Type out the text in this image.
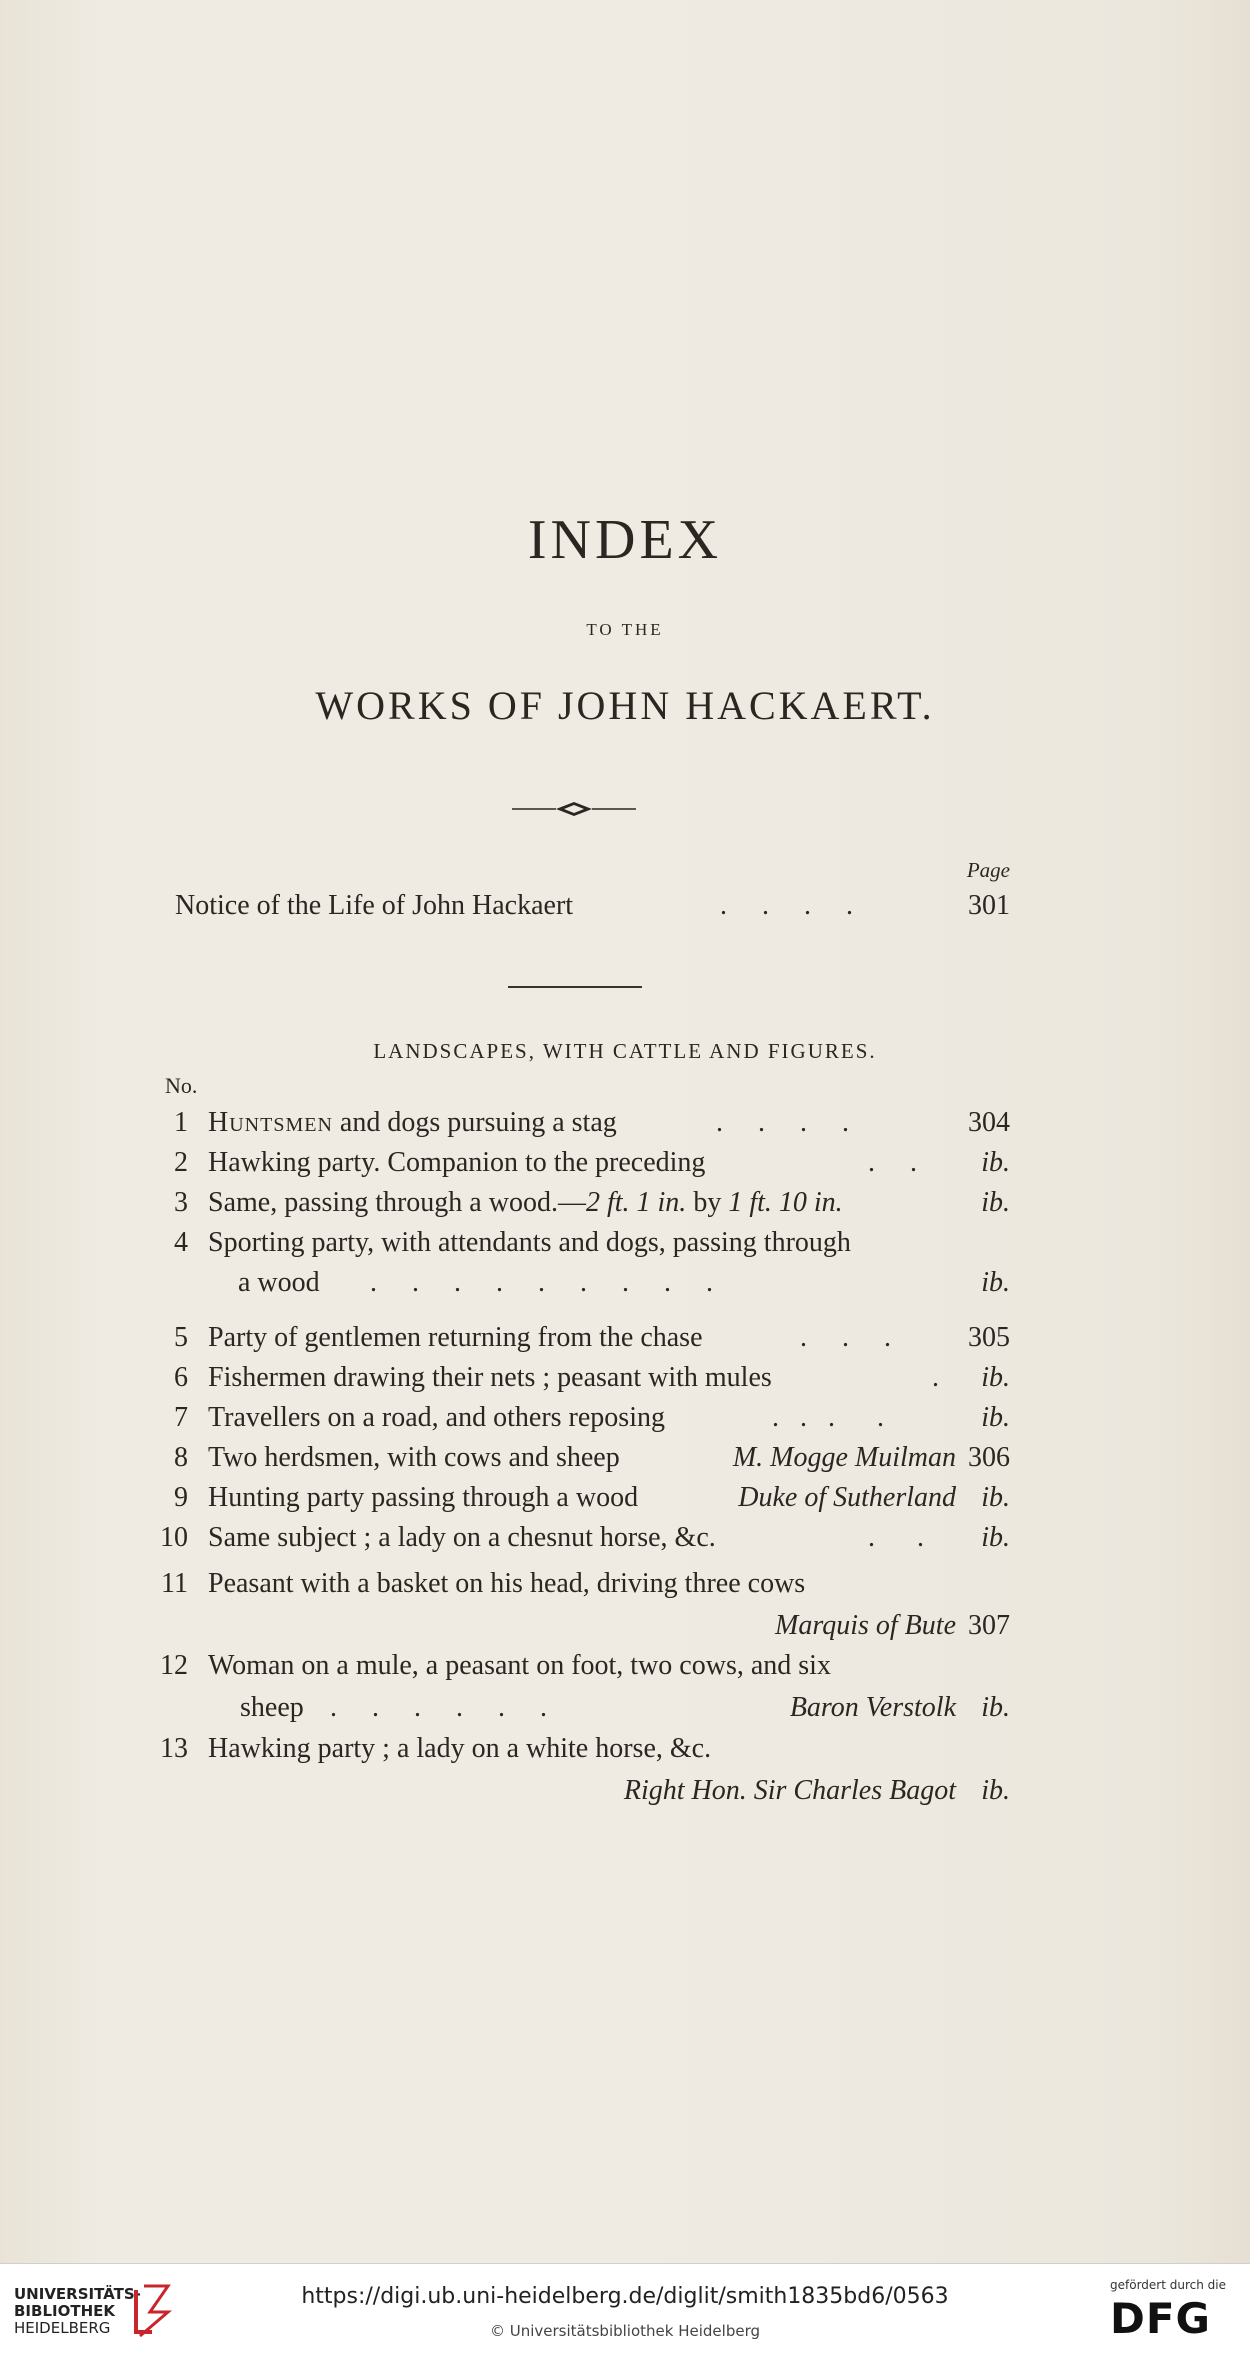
INDEX
TO THE
WORKS OF JOHN HACKAERT.
Page
Notice of the Life of John Hackaert	.     .     .     .	301
LANDSCAPES, WITH CATTLE AND FIGURES.
No.
1 Huntsmen and dogs pursuing a stag	.     .     .     .	304
2 Hawking party. Companion to the preceding	.     .	ib.
3 Same, passing through a wood.—2 ft. 1 in. by 1 ft. 10 in.	ib.
4 Sporting party, with attendants and dogs, passing through
a wood .     .     .     .     .     .     .     .     .	ib.
5 Party of gentlemen returning from the chase	.     .     .	305
6 Fishermen drawing their nets ; peasant with mules	.	ib.
7 Travellers on a road, and others reposing	.   .   .      .	ib.
8 Two herdsmen, with cows and sheep	M. Mogge Muilman 306
9 Hunting party passing through a wood	Duke of Sutherland ib.
10 Same subject ; a lady on a chesnut horse, &c.	.      .	ib.
11 Peasant with a basket on his head, driving three cows
Marquis of Bute 307
12 Woman on a mule, a peasant on foot, two cows, and six
sheep .     .     .     .     .     .	Baron Verstolk ib.
13 Hawking party ; a lady on a white horse, &c.
Right Hon. Sir Charles Bagot ib.
UNIVERSITÄTS-
BIBLIOTHEK
HEIDELBERG
https://digi.ub.uni-heidelberg.de/diglit/smith1835bd6/0563
© Universitätsbibliothek Heidelberg
gefördert durch die
DFG
